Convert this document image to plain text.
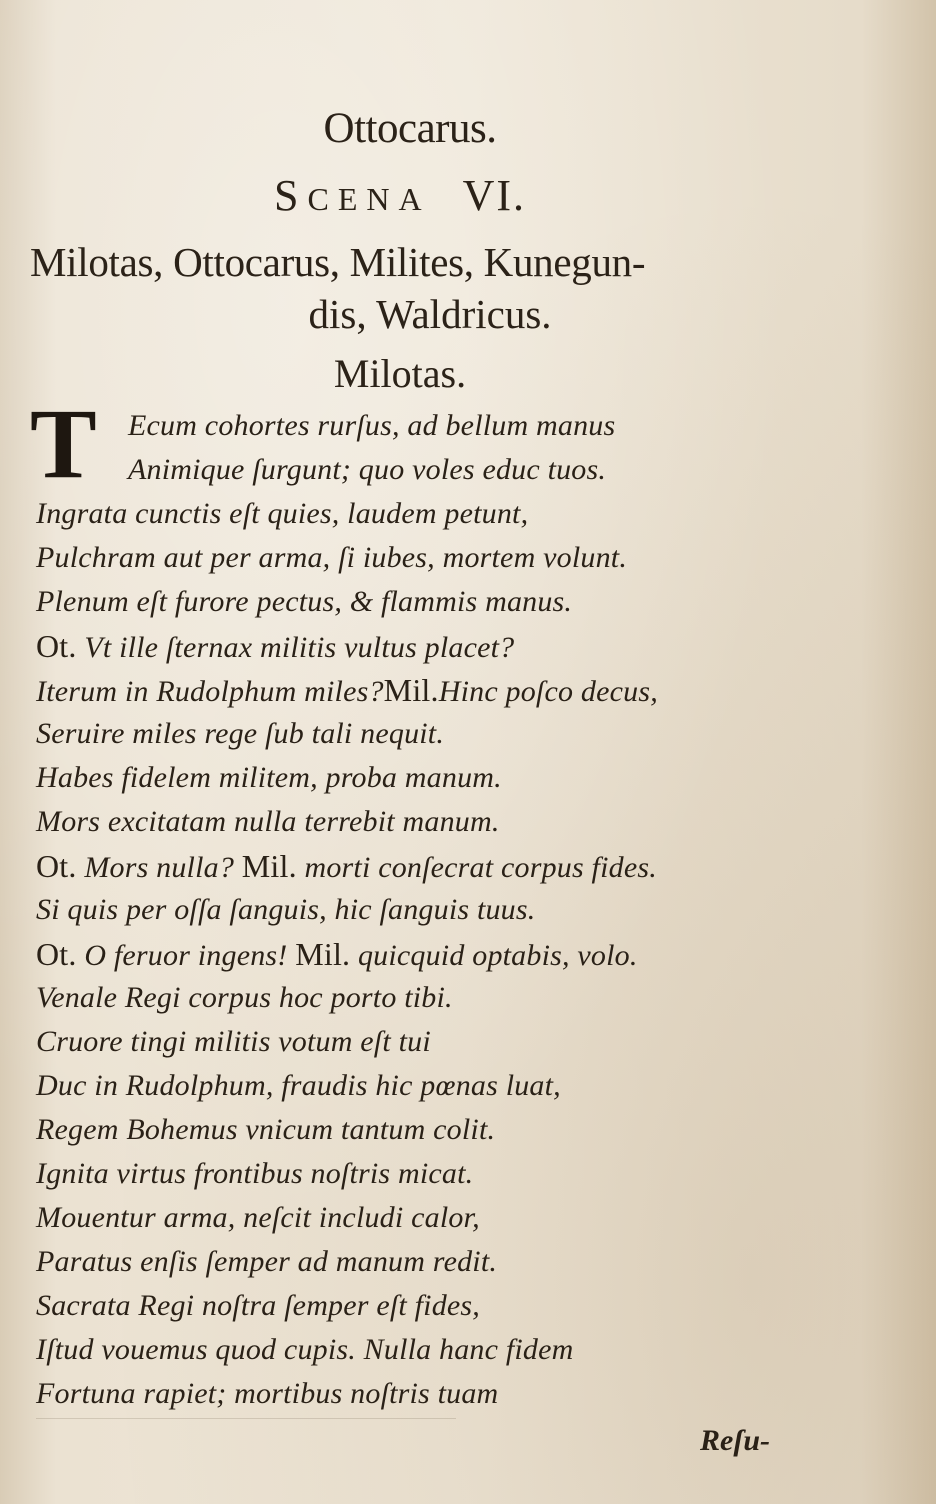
Ottocarus.
SCENA VI.
Milotas, Ottocarus, Milites, Kunegun-
dis, Waldricus.
Milotas.
T Ecum cohortes rurſus, ad bellum manus

Animique ſurgunt; quo voles educ tuos.

Ingrata cunctis eſt quies, laudem petunt,

Pulchram aut per arma, ſi iubes, mortem volunt.

Plenum eſt furore pectus, & flammis manus.

Ot. Vt ille ſternax militis vultus placet?

Iterum in Rudolphum miles?Mil.Hinc poſco decus,

Seruire miles rege ſub tali nequit.

Habes fidelem militem, proba manum.

Mors excitatam nulla terrebit manum.

Ot. Mors nulla? Mil. morti conſecrat corpus fides.

Si quis per oſſa ſanguis, hic ſanguis tuus.

Ot. O feruor ingens! Mil. quicquid optabis, volo.

Venale Regi corpus hoc porto tibi.

Cruore tingi militis votum eſt tui

Duc in Rudolphum, fraudis hic pœnas luat,

Regem Bohemus vnicum tantum colit.

Ignita virtus frontibus noſtris micat.

Mouentur arma, neſcit includi calor,

Paratus enſis ſemper ad manum redit.

Sacrata Regi noſtra ſemper eſt fides,

Iſtud vouemus quod cupis. Nulla hanc fidem

Fortuna rapiet; mortibus noſtris tuam

Reſu-
